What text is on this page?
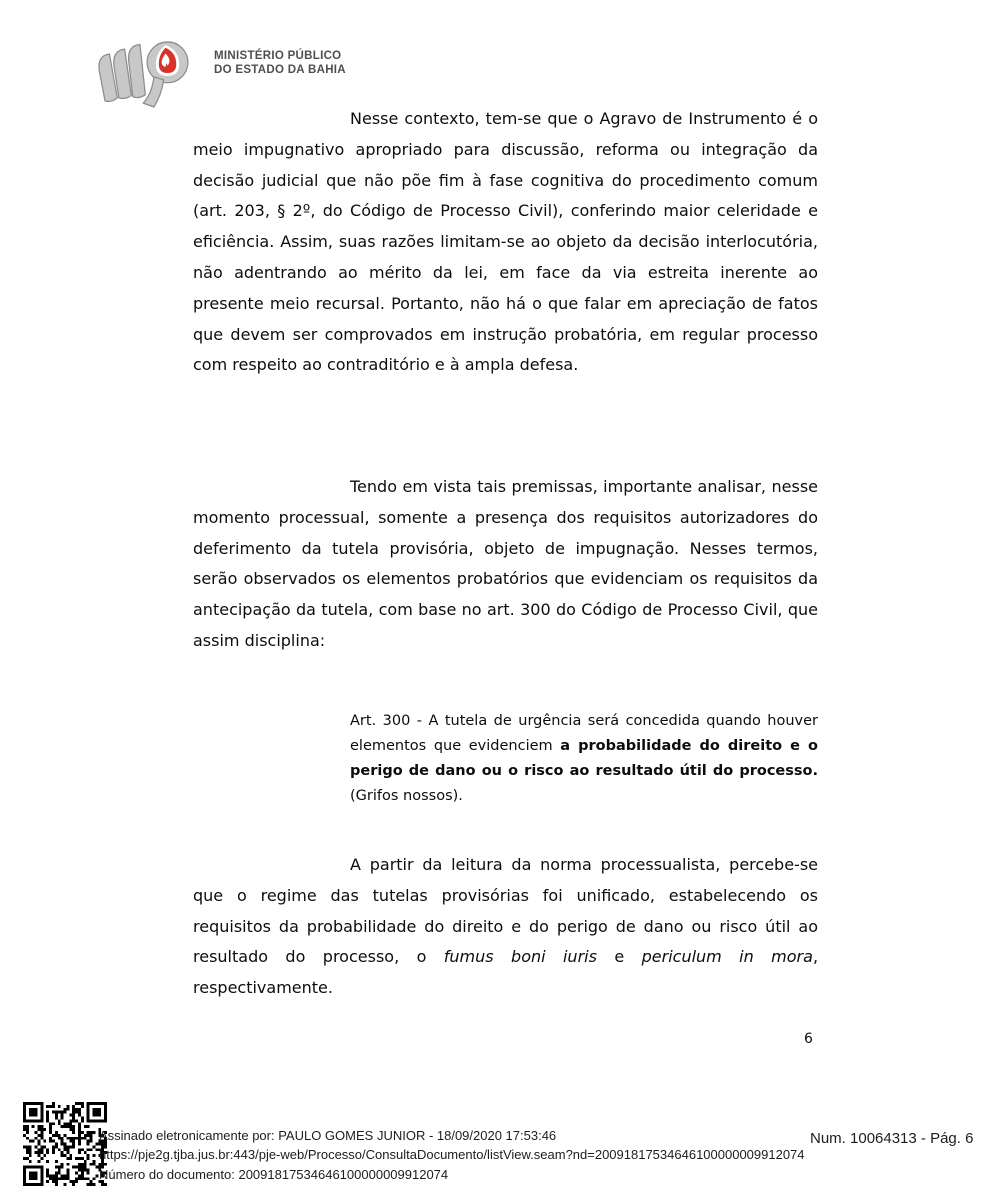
MINISTÉRIO PÚBLICO
DO ESTADO DA BAHIA

Nesse contexto, tem-se que o Agravo de Instrumento é o meio impugnativo apropriado para discussão, reforma ou integração da decisão judicial que não põe fim à fase cognitiva do procedimento comum (art. 203, § 2º, do Código de Processo Civil), conferindo maior celeridade e eficiência. Assim, suas razões limitam-se ao objeto da decisão interlocutória, não adentrando ao mérito da lei, em face da via estreita inerente ao presente meio recursal. Portanto, não há o que falar em apreciação de fatos que devem ser comprovados em instrução probatória, em regular processo com respeito ao contraditório e à ampla defesa.

Tendo em vista tais premissas, importante analisar, nesse momento processual, somente a presença dos requisitos autorizadores do deferimento da tutela provisória, objeto de impugnação. Nesses termos, serão observados os elementos probatórios que evidenciam os requisitos da antecipação da tutela, com base no art. 300 do Código de Processo Civil, que assim disciplina:

Art. 300 - A tutela de urgência será concedida quando houver elementos que evidenciem a probabilidade do direito e o perigo de dano ou o risco ao resultado útil do processo. (Grifos nossos).

A partir da leitura da norma processualista, percebe-se que o regime das tutelas provisórias foi unificado, estabelecendo os requisitos da probabilidade do direito e do perigo de dano ou risco útil ao resultado do processo, o fumus boni iuris e periculum in mora, respectivamente.

6
Assinado eletronicamente por: PAULO GOMES JUNIOR - 18/09/2020 17:53:46
https://pje2g.tjba.jus.br:443/pje-web/Processo/ConsultaDocumento/listView.seam?nd=20091817534646100000009912074
Número do documento: 20091817534646100000009912074
Num. 10064313 - Pág. 6
